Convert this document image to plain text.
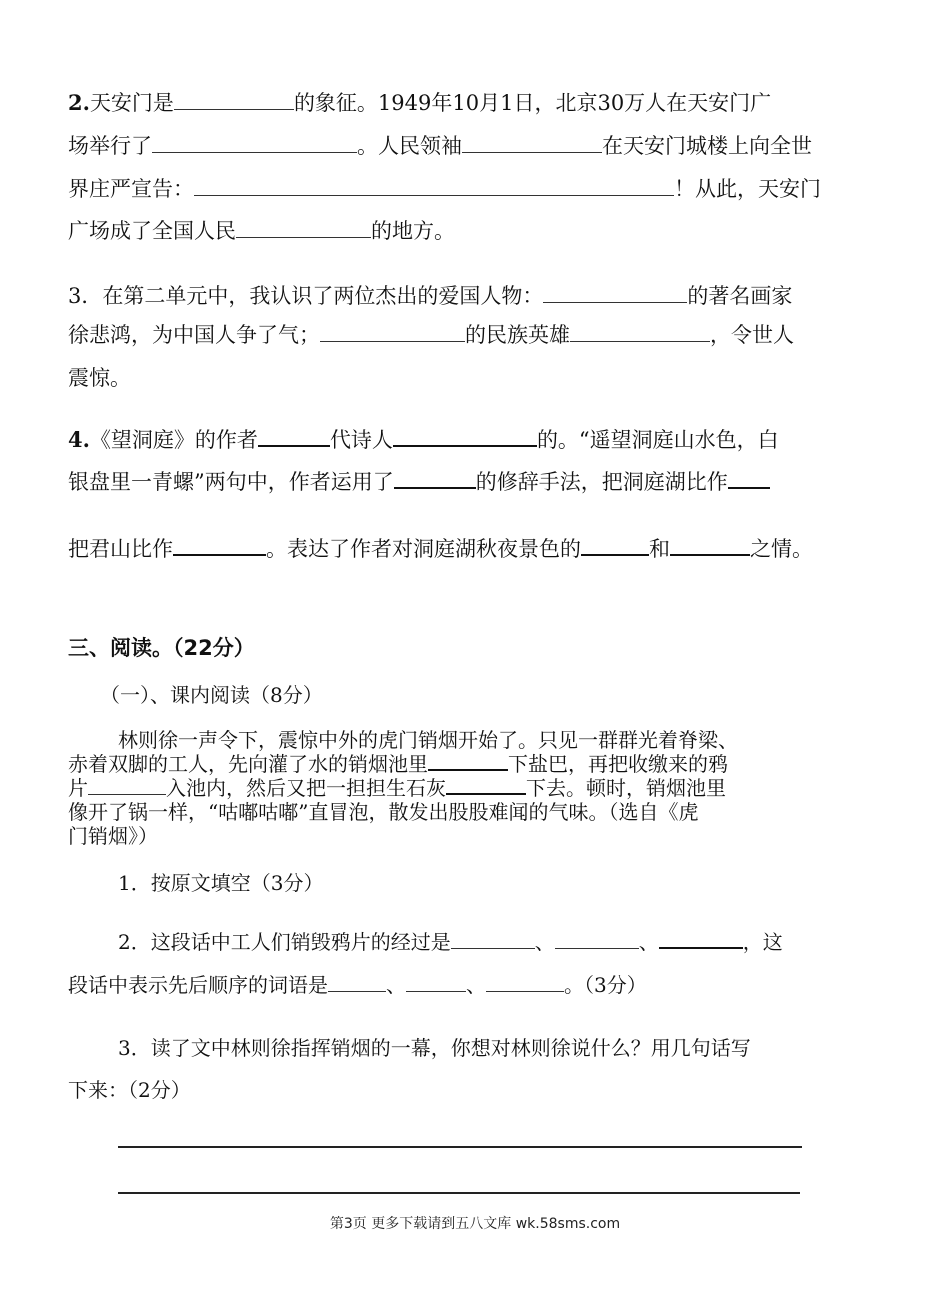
2.天安门是	的象征。1949年10月1日，北京30万人在天安门广
场举行了	。人民领袖	在天安门城楼上向全世
界庄严宣告：	！从此，天安门
广场成了全国人民	的地方。
3．在第二单元中，我认识了两位杰出的爱国人物：	的著名画家
徐悲鸿，为中国人争了气；	的民族英雄	，令世人
震惊。
4.《望洞庭》的作者	代诗人	的。“遥望洞庭山水色，白
银盘里一青螺”两句中，作者运用了	的修辞手法，把洞庭湖比作
把君山比作	。表达了作者对洞庭湖秋夜景色的	和	之情。
三、阅读。（22分）
（一）、课内阅读（8分）
林则徐一声令下，震惊中外的虎门销烟开始了。只见一群群光着脊梁、
赤着双脚的工人，先向灌了水的销烟池里	下盐巴，再把收缴来的鸦
片	入池内，然后又把一担担生石灰	下去。顿时，销烟池里
像开了锅一样，“咕嘟咕嘟”直冒泡，散发出股股难闻的气味。（选自《虎
门销烟》）
1．按原文填空（3分）
2．这段话中工人们销毁鸦片的经过是	、	、	，这
段话中表示先后顺序的词语是	、	、	。（3分）
3．读了文中林则徐指挥销烟的一幕，你想对林则徐说什么？用几句话写
下来：（2分）
第3页 更多下载请到五八文库 wk.58sms.com
